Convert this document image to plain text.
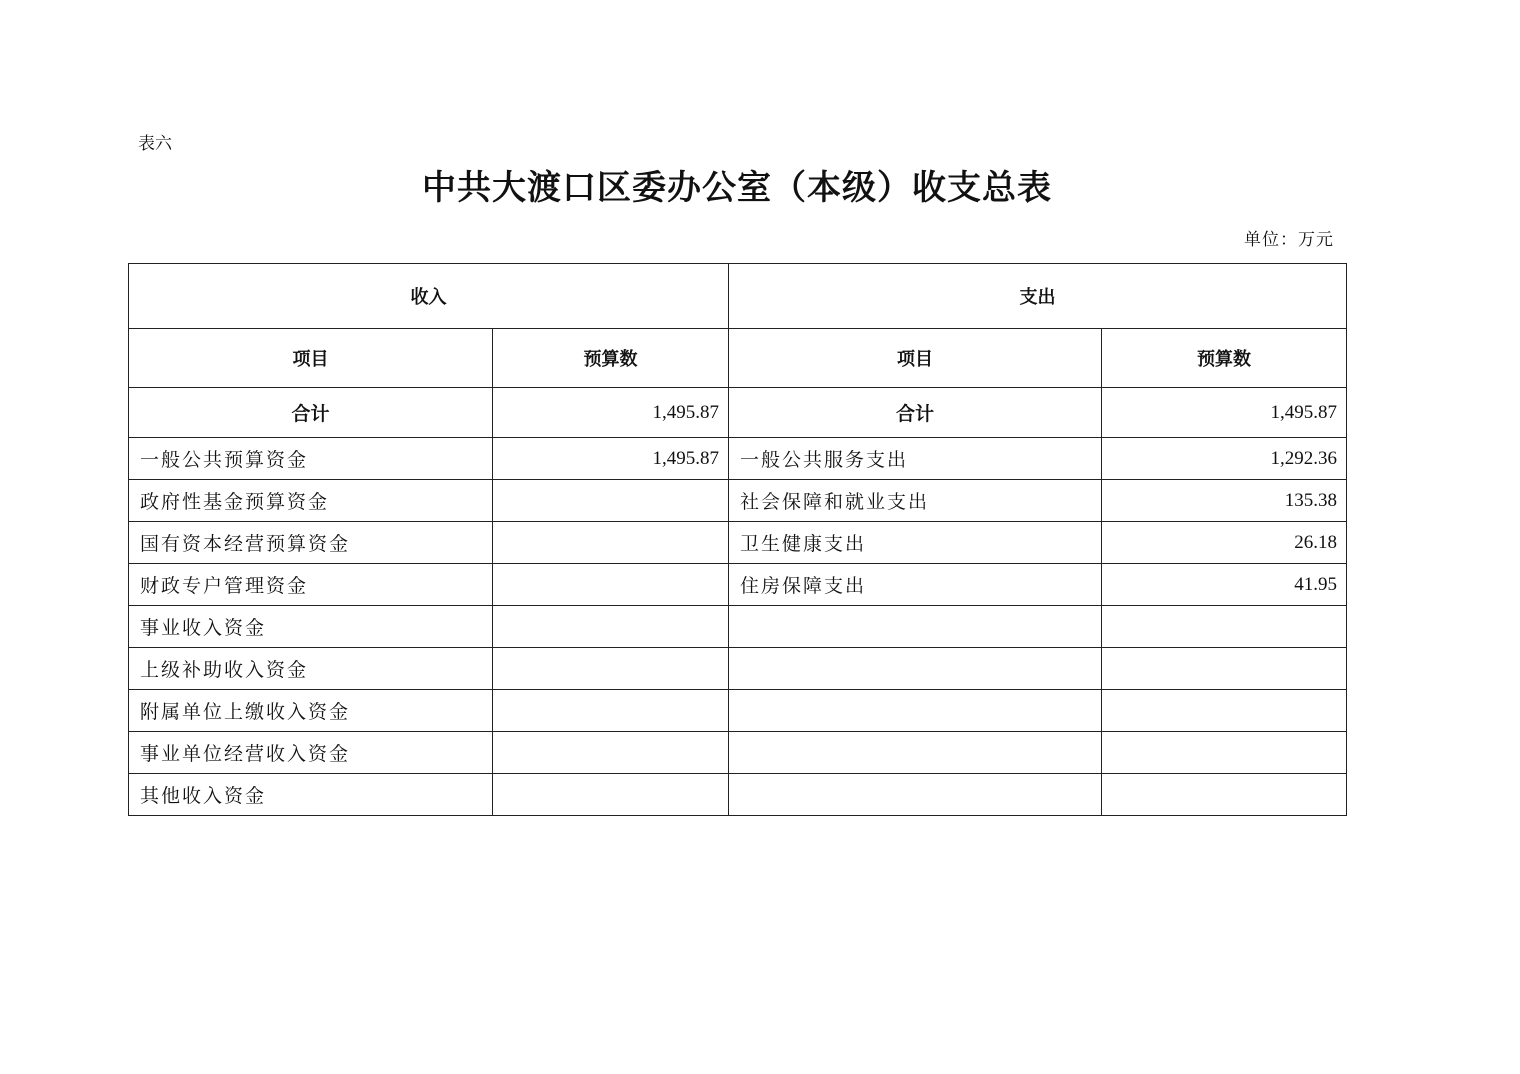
表六
中共大渡口区委办公室（本级）收支总表
单位：万元
收入		支出	
项目	预算数	项目	预算数
合计	1,495.87	合计	1,495.87
一般公共预算资金	1,495.87	一般公共服务支出	1,292.36
政府性基金预算资金		社会保障和就业支出	135.38
国有资本经营预算资金		卫生健康支出	26.18
财政专户管理资金		住房保障支出	41.95
事业收入资金			
上级补助收入资金			
附属单位上缴收入资金			
事业单位经营收入资金			
其他收入资金			
